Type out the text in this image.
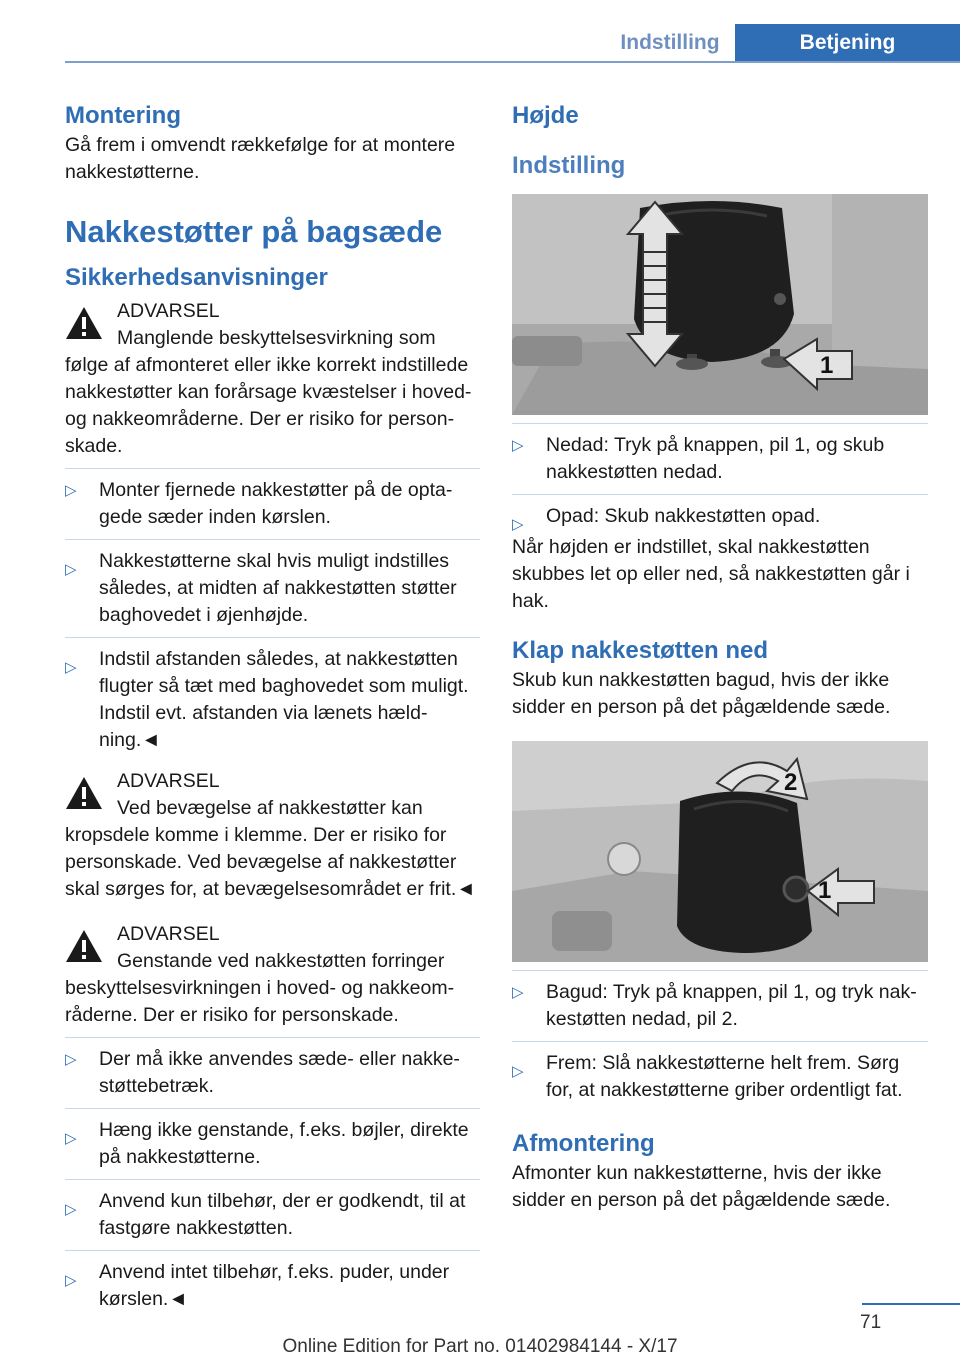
Indstilling	Betjening
Montering

Gå frem i omvendt rækkefølge for at montere nakkestøtterne.

Nakkestøtter på bagsæde
Sikkerhedsanvisninger
ADVARSEL
Manglende beskyttelsesvirkning som følge af afmonteret eller ikke korrekt indstillede nakkestøtter kan forårsage kvæstelser i hoved- og nakkeområderne. Der er risiko for personskade.
▷ Monter fjernede nakkestøtter på de optagede sæder inden kørslen.
▷ Nakkestøtterne skal hvis muligt indstilles således, at midten af nakkestøtten støtter baghovedet i øjenhøjde.
▷ Indstil afstanden således, at nakkestøtten flugter så tæt med baghovedet som muligt. Indstil evt. afstanden via lænets hældning.◄
ADVARSEL
Ved bevægelse af nakkestøtter kan kropsdele komme i klemme. Der er risiko for personskade. Ved bevægelse af nakkestøtter skal sørges for, at bevægelsesområdet er frit.◄
ADVARSEL
Genstande ved nakkestøtten forringer beskyttelsesvirkningen i hoved- og nakkeområderne. Der er risiko for personskade.
▷ Der må ikke anvendes sæde- eller nakkestøttebetræk.
▷ Hæng ikke genstande, f.eks. bøjler, direkte på nakkestøtterne.
▷ Anvend kun tilbehør, der er godkendt, til at fastgøre nakkestøtten.
▷ Anvend intet tilbehør, f.eks. puder, under kørslen.◄
Højde
Indstilling
1
▷ Nedad: Tryk på knappen, pil 1, og skub nakkestøtten nedad.
▷ Opad: Skub nakkestøtten opad.

Når højden er indstillet, skal nakkestøtten skubbes let op eller ned, så nakkestøtten går i hak.

Klap nakkestøtten ned

Skub kun nakkestøtten bagud, hvis der ikke sidder en person på det pågældende sæde.

2
1
▷ Bagud: Tryk på knappen, pil 1, og tryk nakkestøtten nedad, pil 2.
▷ Frem: Slå nakkestøtterne helt frem. Sørg for, at nakkestøtterne griber ordentligt fat.
Afmontering

Afmonter kun nakkestøtterne, hvis der ikke sidder en person på det pågældende sæde.

71
Online Edition for Part no. 01402984144 - X/17
